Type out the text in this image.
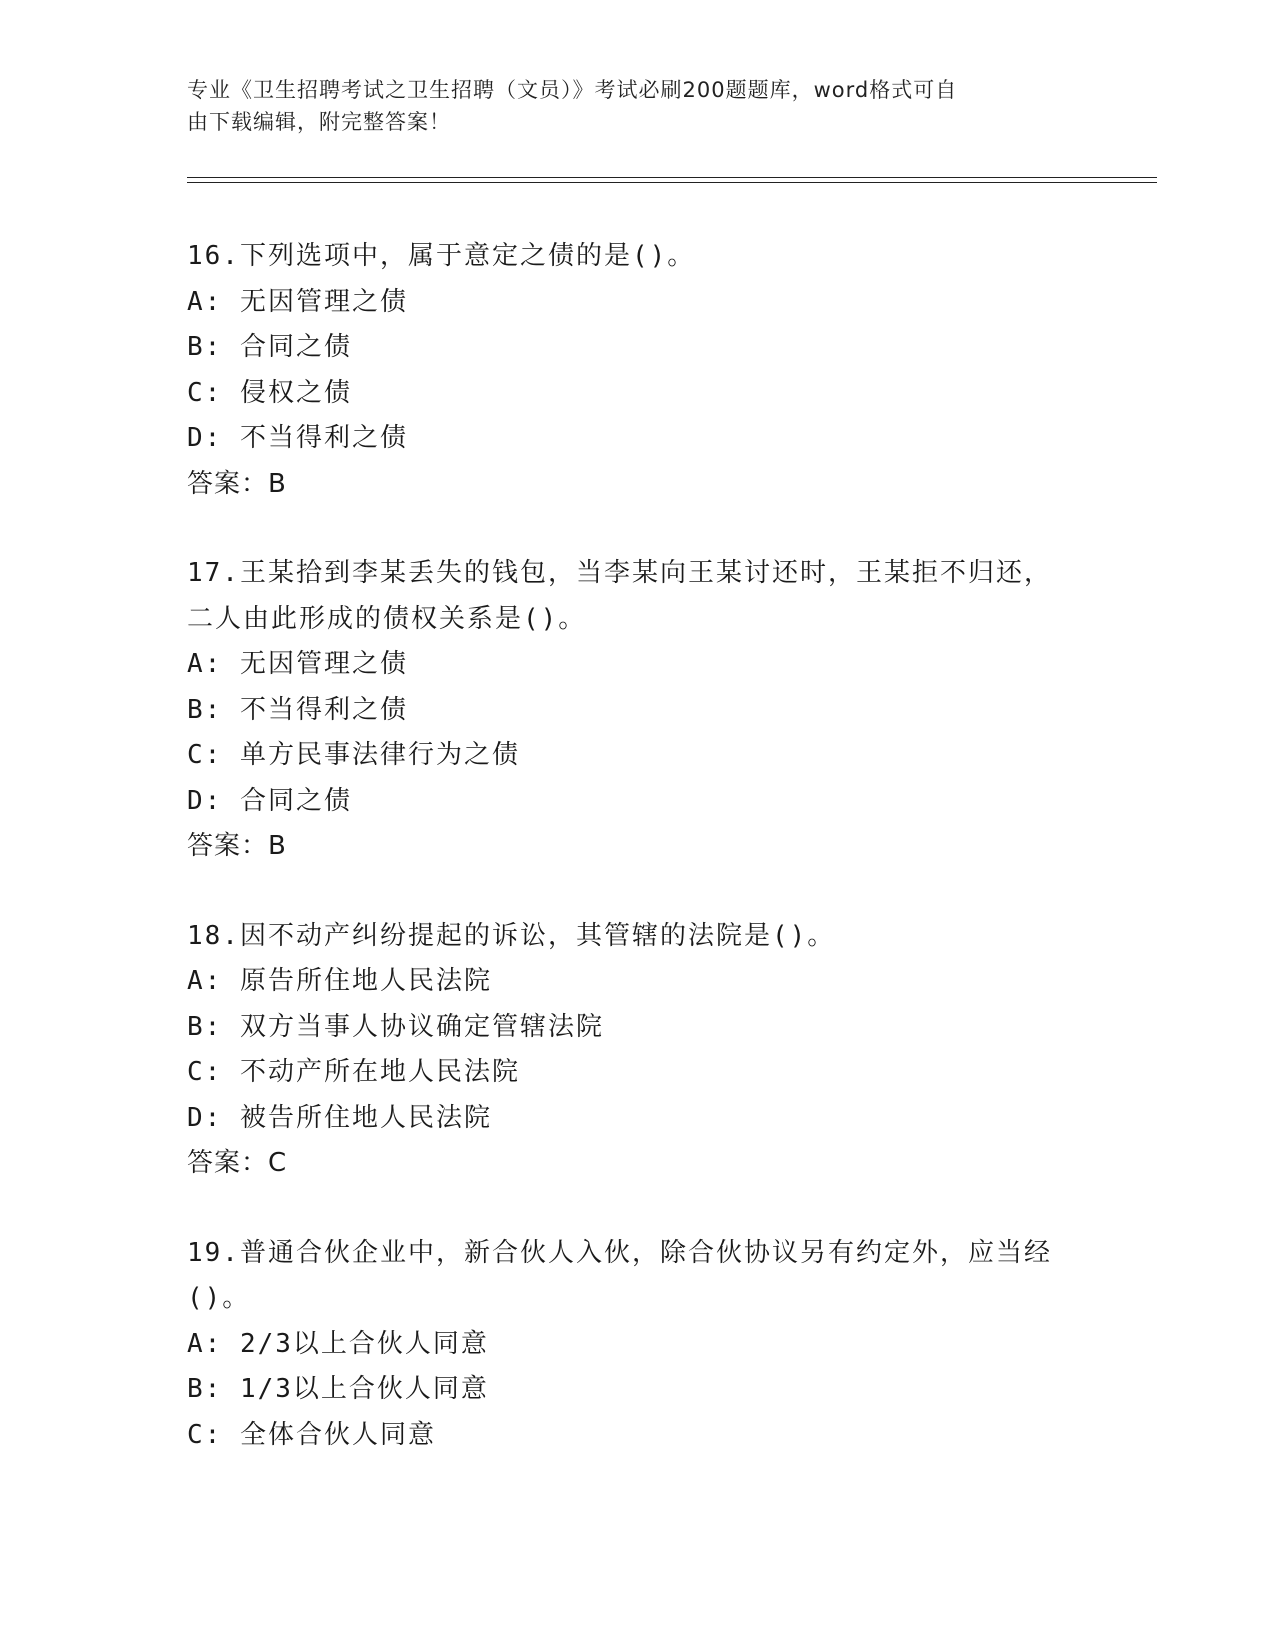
专业《卫生招聘考试之卫生招聘（文员）》考试必刷200题题库，word格式可自
由下载编辑，附完整答案！
16.下列选项中，属于意定之债的是()。
A: 无因管理之债
B: 合同之债
C: 侵权之债
D: 不当得利之债
答案：B
17.王某拾到李某丢失的钱包，当李某向王某讨还时，王某拒不归还，
二人由此形成的债权关系是()。
A: 无因管理之债
B: 不当得利之债
C: 单方民事法律行为之债
D: 合同之债
答案：B
18.因不动产纠纷提起的诉讼，其管辖的法院是()。
A: 原告所住地人民法院
B: 双方当事人协议确定管辖法院
C: 不动产所在地人民法院
D: 被告所住地人民法院
答案：C
19.普通合伙企业中，新合伙人入伙，除合伙协议另有约定外，应当经
()。
A: 2/3以上合伙人同意
B: 1/3以上合伙人同意
C: 全体合伙人同意
